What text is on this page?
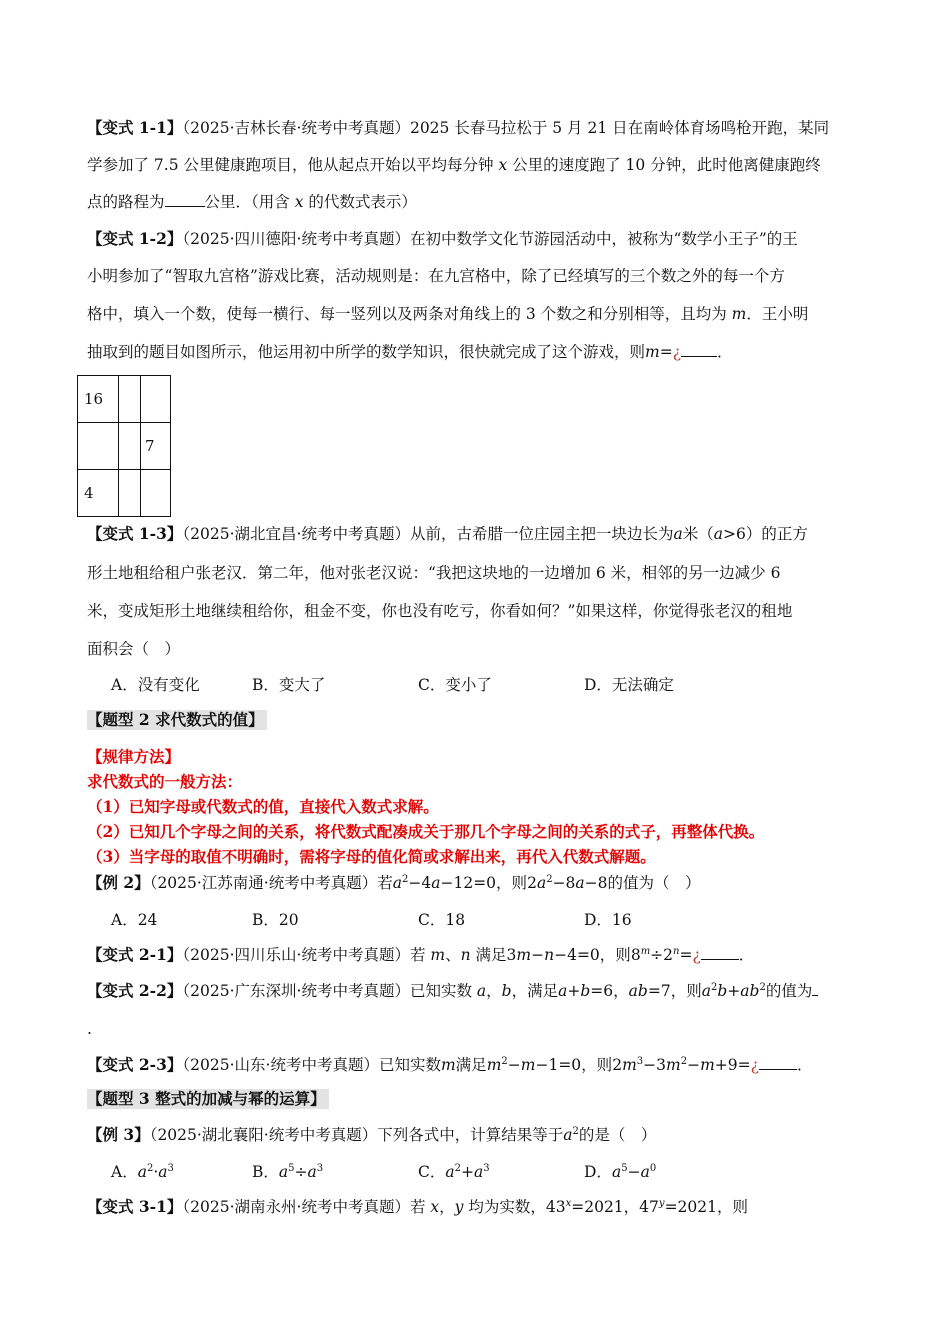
【变式 1-1】（2025·吉林长春·统考中考真题）2025 长春马拉松于 5 月 21 日在南岭体育场鸣枪开跑，某同
学参加了 7.5 公里健康跑项目，他从起点开始以平均每分钟 x 公里的速度跑了 10 分钟，此时他离健康跑终
点的路程为	公里．（用含 x 的代数式表示）
【变式 1-2】（2025·四川德阳·统考中考真题）在初中数学文化节游园活动中，被称为“数学小王子”的王
小明参加了“智取九宫格”游戏比赛，活动规则是：在九宫格中，除了已经填写的三个数之外的每一个方
格中，填入一个数，使每一横行、每一竖列以及两条对角线上的 3 个数之和分别相等，且均为 m．王小明
抽取到的题目如图所示，他运用初中所学的数学知识，很快就完成了这个游戏，则m=¿ ．
16		
		7
4		
【变式 1-3】（2025·湖北宜昌·统考中考真题）从前，古希腊一位庄园主把一块边长为a米（a>6）的正方
形土地租给租户张老汉．第二年，他对张老汉说：“我把这块地的一边增加 6 米，相邻的另一边减少 6
米，变成矩形土地继续租给你，租金不变，你也没有吃亏，你看如何？”如果这样，你觉得张老汉的租地
面积会（　）
A．没有变化	B．变大了	C．变小了	D．无法确定
【题型 2 求代数式的值】
【规律方法】
求代数式的一般方法：
（1）已知字母或代数式的值，直接代入数式求解。
（2）已知几个字母之间的关系，将代数式配凑成关于那几个字母之间的关系的式子，再整体代换。
（3）当字母的取值不明确时，需将字母的值化简或求解出来，再代入代数式解题。
【例 2】（2025·江苏南通·统考中考真题）若$a^2-4a-12=0$，则$2a^2-8a-8$的值为（　）
A．24	B．20	C．18	D．16
【变式 2-1】（2025·四川乐山·统考中考真题）若 m、n 满足3m−n−4=0，则$8^m\div 2^n=¿$ ．
【变式 2-2】（2025·广东深圳·统考中考真题）已知实数 a，b，满足a+b=6，ab=7，则$a^2b+ab^2$的值为
.
【变式 2-3】（2025·山东·统考中考真题）已知实数m满足$m^2-m-1=0$，则$2m^3-3m^2-m+9=¿$ ．
【题型 3 整式的加减与幂的运算】
【例 3】（2025·湖北襄阳·统考中考真题）下列各式中，计算结果等于$a^2$的是（　）
A．$a^2\cdot a^3$	B．$a^5\div a^3$	C．$a^2+a^3$	D．$a^5-a^0$
【变式 3-1】（2025·湖南永州·统考中考真题）若 x，y 均为实数，$43^x=2021$，$47^y=2021$，则
